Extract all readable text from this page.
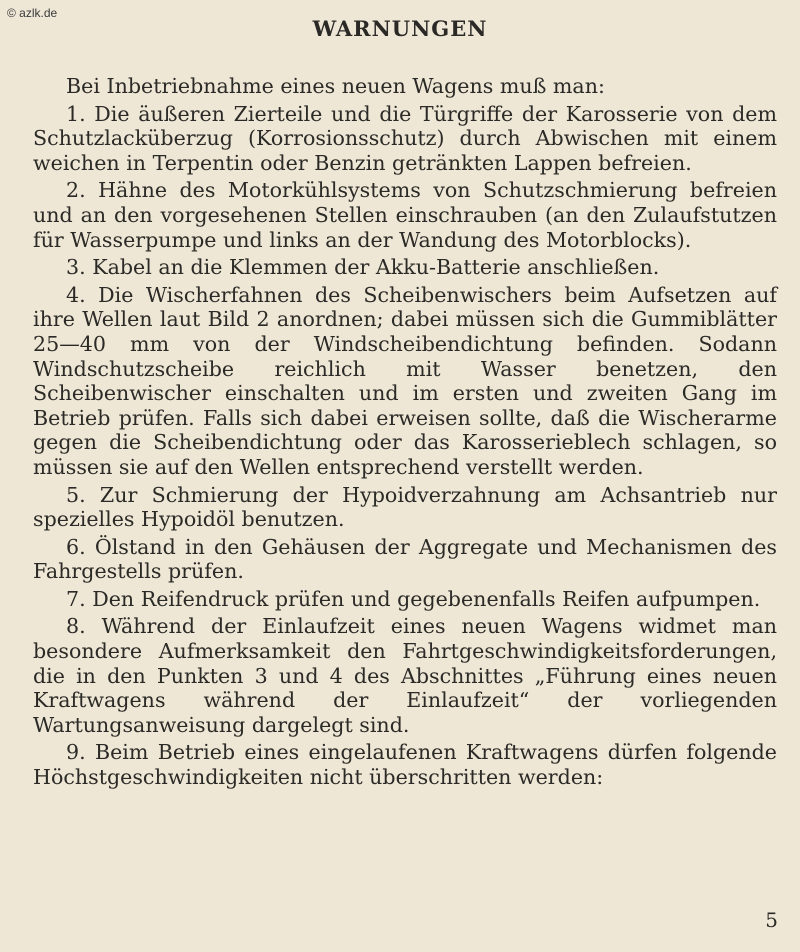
© azlk.de
WARNUNGEN

Bei Inbetriebnahme eines neuen Wagens muß man:

1. Die äußeren Zierteile und die Türgriffe der Karosserie von dem Schutzlacküberzug (Korrosionsschutz) durch Abwischen mit einem weichen in Terpentin oder Benzin getränkten Lappen befreien.

2. Hähne des Motorkühlsystems von Schutzschmierung befreien und an den vorgesehenen Stellen einschrauben (an den Zulaufstutzen für Wasserpumpe und links an der Wandung des Motorblocks).

3. Kabel an die Klemmen der Akku-Batterie anschließen.

4. Die Wischerfahnen des Scheibenwischers beim Aufsetzen auf ihre Wellen laut Bild 2 anordnen; dabei müssen sich die Gummiblätter 25—40 mm von der Windscheibendichtung befinden. Sodann Windschutzscheibe reichlich mit Wasser benetzen, den Scheibenwischer einschalten und im ersten und zweiten Gang im Betrieb prüfen. Falls sich dabei erweisen sollte, daß die Wischerarme gegen die Scheibendichtung oder das Karosserieblech schlagen, so müssen sie auf den Wellen entsprechend verstellt werden.

5. Zur Schmierung der Hypoidverzahnung am Achsantrieb nur spezielles Hypoidöl benutzen.

6. Ölstand in den Gehäusen der Aggregate und Mechanismen des Fahrgestells prüfen.

7. Den Reifendruck prüfen und gegebenenfalls Reifen aufpumpen.

8. Während der Einlaufzeit eines neuen Wagens widmet man besondere Aufmerksamkeit den Fahrtgeschwindigkeitsforderungen, die in den Punkten 3 und 4 des Abschnittes „Führung eines neuen Kraftwagens während der Einlaufzeit“ der vorliegenden Wartungsanweisung dargelegt sind.

9. Beim Betrieb eines eingelaufenen Kraftwagens dürfen folgende Höchstgeschwindigkeiten nicht überschritten werden:

5
